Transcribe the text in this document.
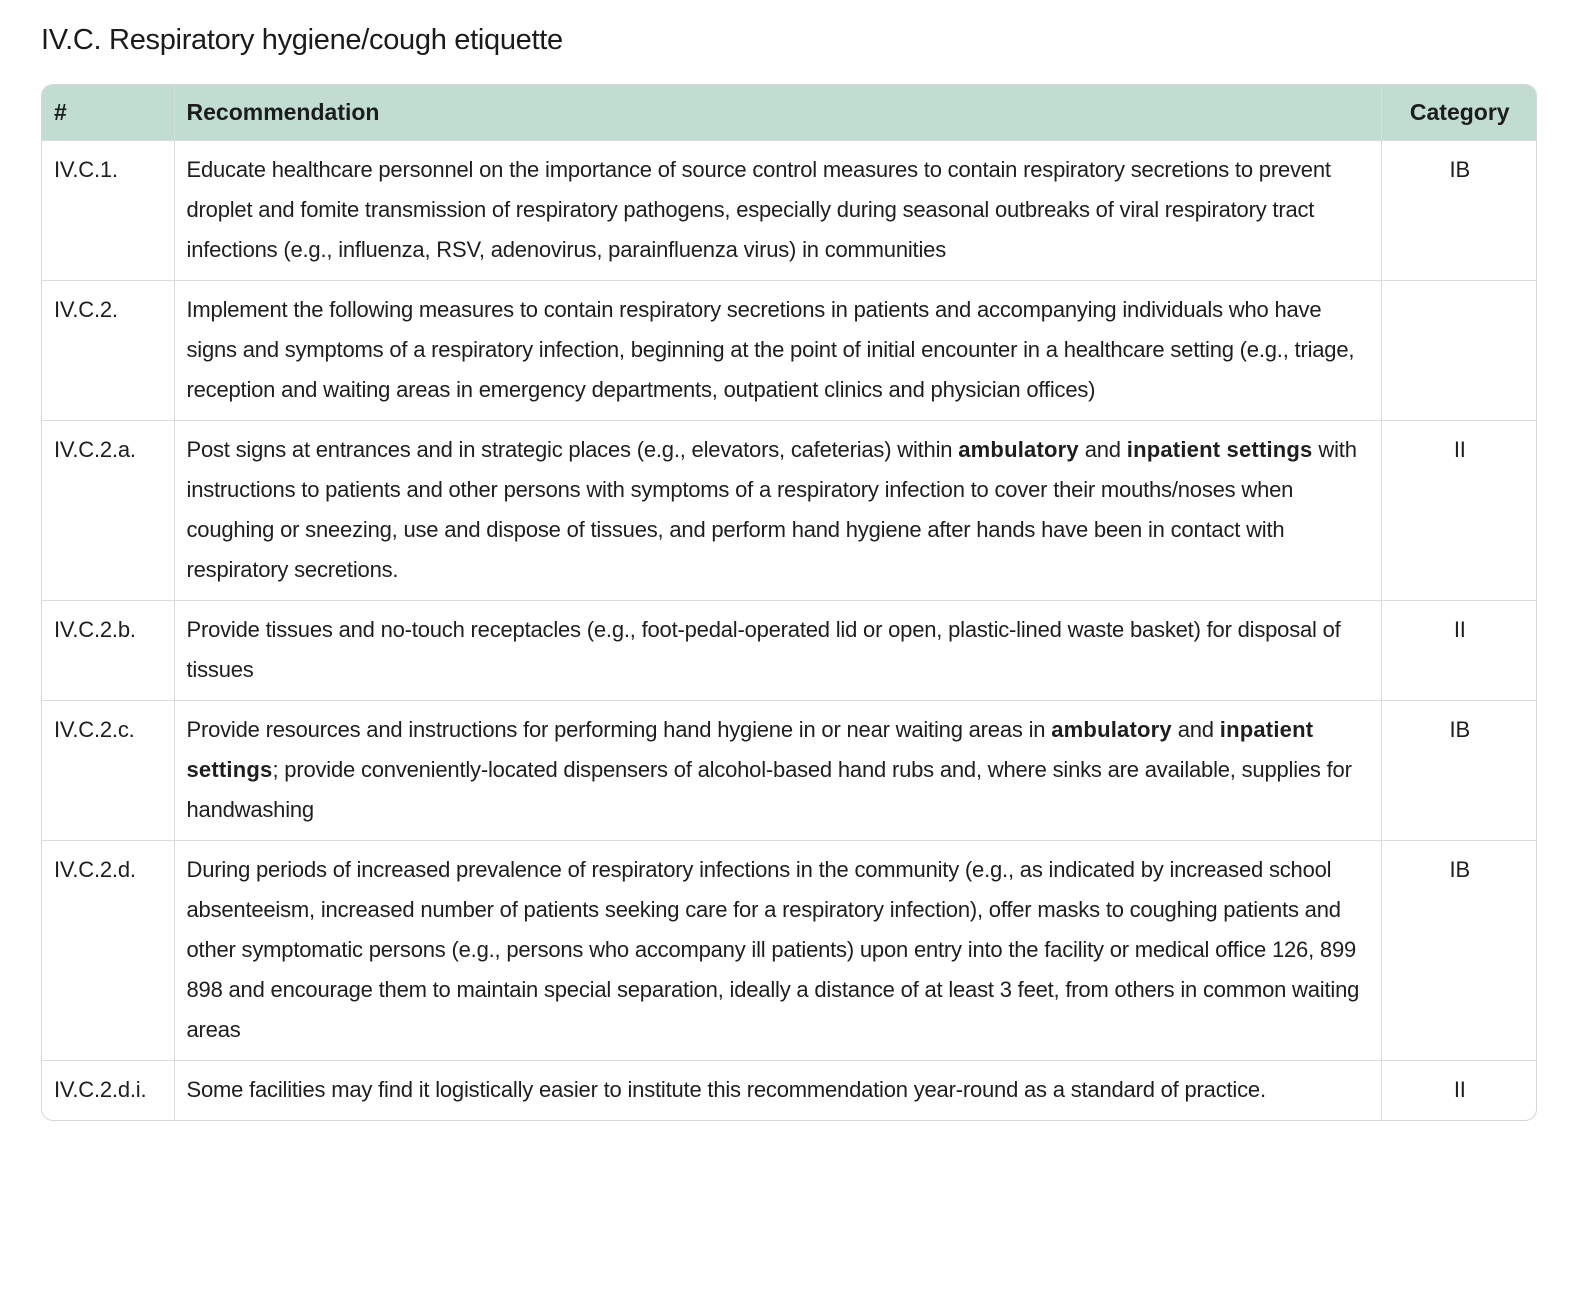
IV.C. Respiratory hygiene/cough etiquette
#	Recommendation	Category
IV.C.1.	Educate healthcare personnel on the importance of source control measures to contain respiratory secretions to prevent droplet and fomite transmission of respiratory pathogens, especially during seasonal outbreaks of viral respiratory tract infections (e.g., influenza, RSV, adenovirus, parainfluenza virus) in communities	IB
IV.C.2.	Implement the following measures to contain respiratory secretions in patients and accompanying individuals who have signs and symptoms of a respiratory infection, beginning at the point of initial encounter in a healthcare setting (e.g., triage, reception and waiting areas in emergency departments, outpatient clinics and physician offices)	
IV.C.2.a.	Post signs at entrances and in strategic places (e.g., elevators, cafeterias) within ambulatory and inpatient settings with instructions to patients and other persons with symptoms of a respiratory infection to cover their mouths/noses when coughing or sneezing, use and dispose of tissues, and perform hand hygiene after hands have been in contact with respiratory secretions.	II
IV.C.2.b.	Provide tissues and no-touch receptacles (e.g., foot-pedal-operated lid or open, plastic-lined waste basket) for disposal of tissues	II
IV.C.2.c.	Provide resources and instructions for performing hand hygiene in or near waiting areas in ambulatory and inpatient settings; provide conveniently-located dispensers of alcohol-based hand rubs and, where sinks are available, supplies for handwashing	IB
IV.C.2.d.	During periods of increased prevalence of respiratory infections in the community (e.g., as indicated by increased school absenteeism, increased number of patients seeking care for a respiratory infection), offer masks to coughing patients and other symptomatic persons (e.g., persons who accompany ill patients) upon entry into the facility or medical office 126, 899 898 and encourage them to maintain special separation, ideally a distance of at least 3 feet, from others in common waiting areas	IB
IV.C.2.d.i.	Some facilities may find it logistically easier to institute this recommendation year-round as a standard of practice.	II
